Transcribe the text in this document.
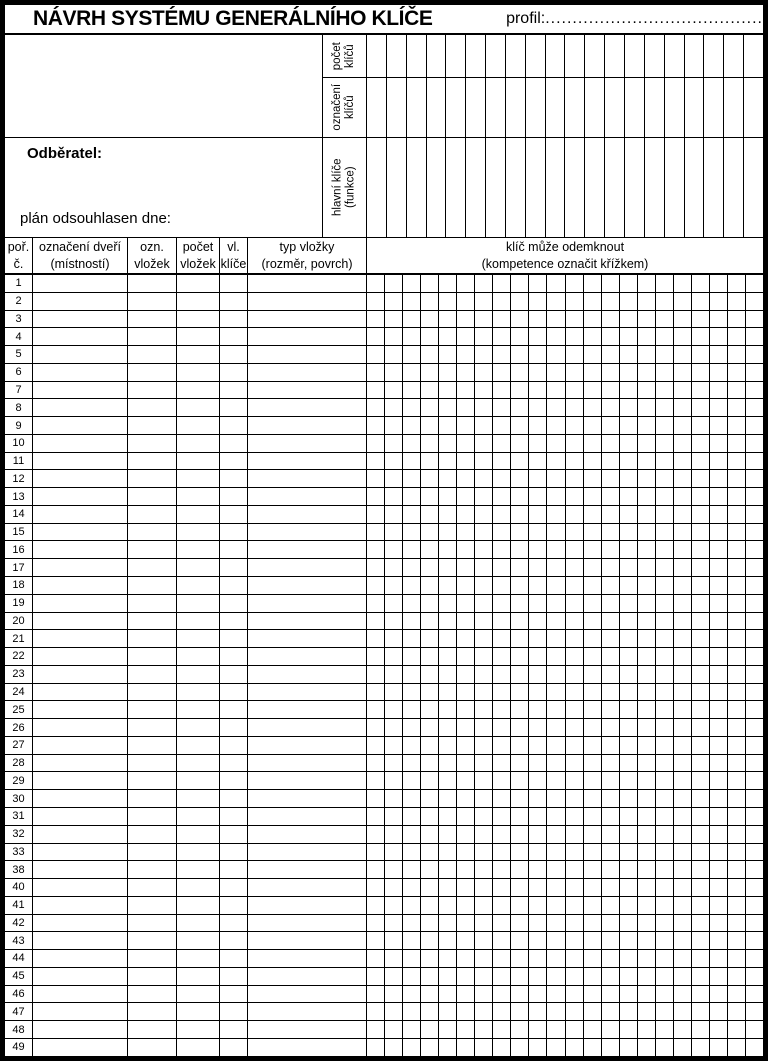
NÁVRH SYSTÉMU GENERÁLNÍHO KLÍČE	profil: ........................................
Odběratel:
plán odsouhlasen dne:
počet klíčů
označení klíčů
hlavní klíče (funkce)
poř.
č.
označení dveří
(místností)
ozn.
vložek
počet
vložek
vl.
klíče
typ vložky
(rozměr, povrch)
klíč může odemknout
(kompetence označit křížkem)
1
2
3
4
5
6
7
8
9
10
11
12
13
14
15
16
17
18
19
20
21
22
23
24
25
26
27
28
29
30
31
32
33
38
40
41
42
43
44
45
46
47
48
49
